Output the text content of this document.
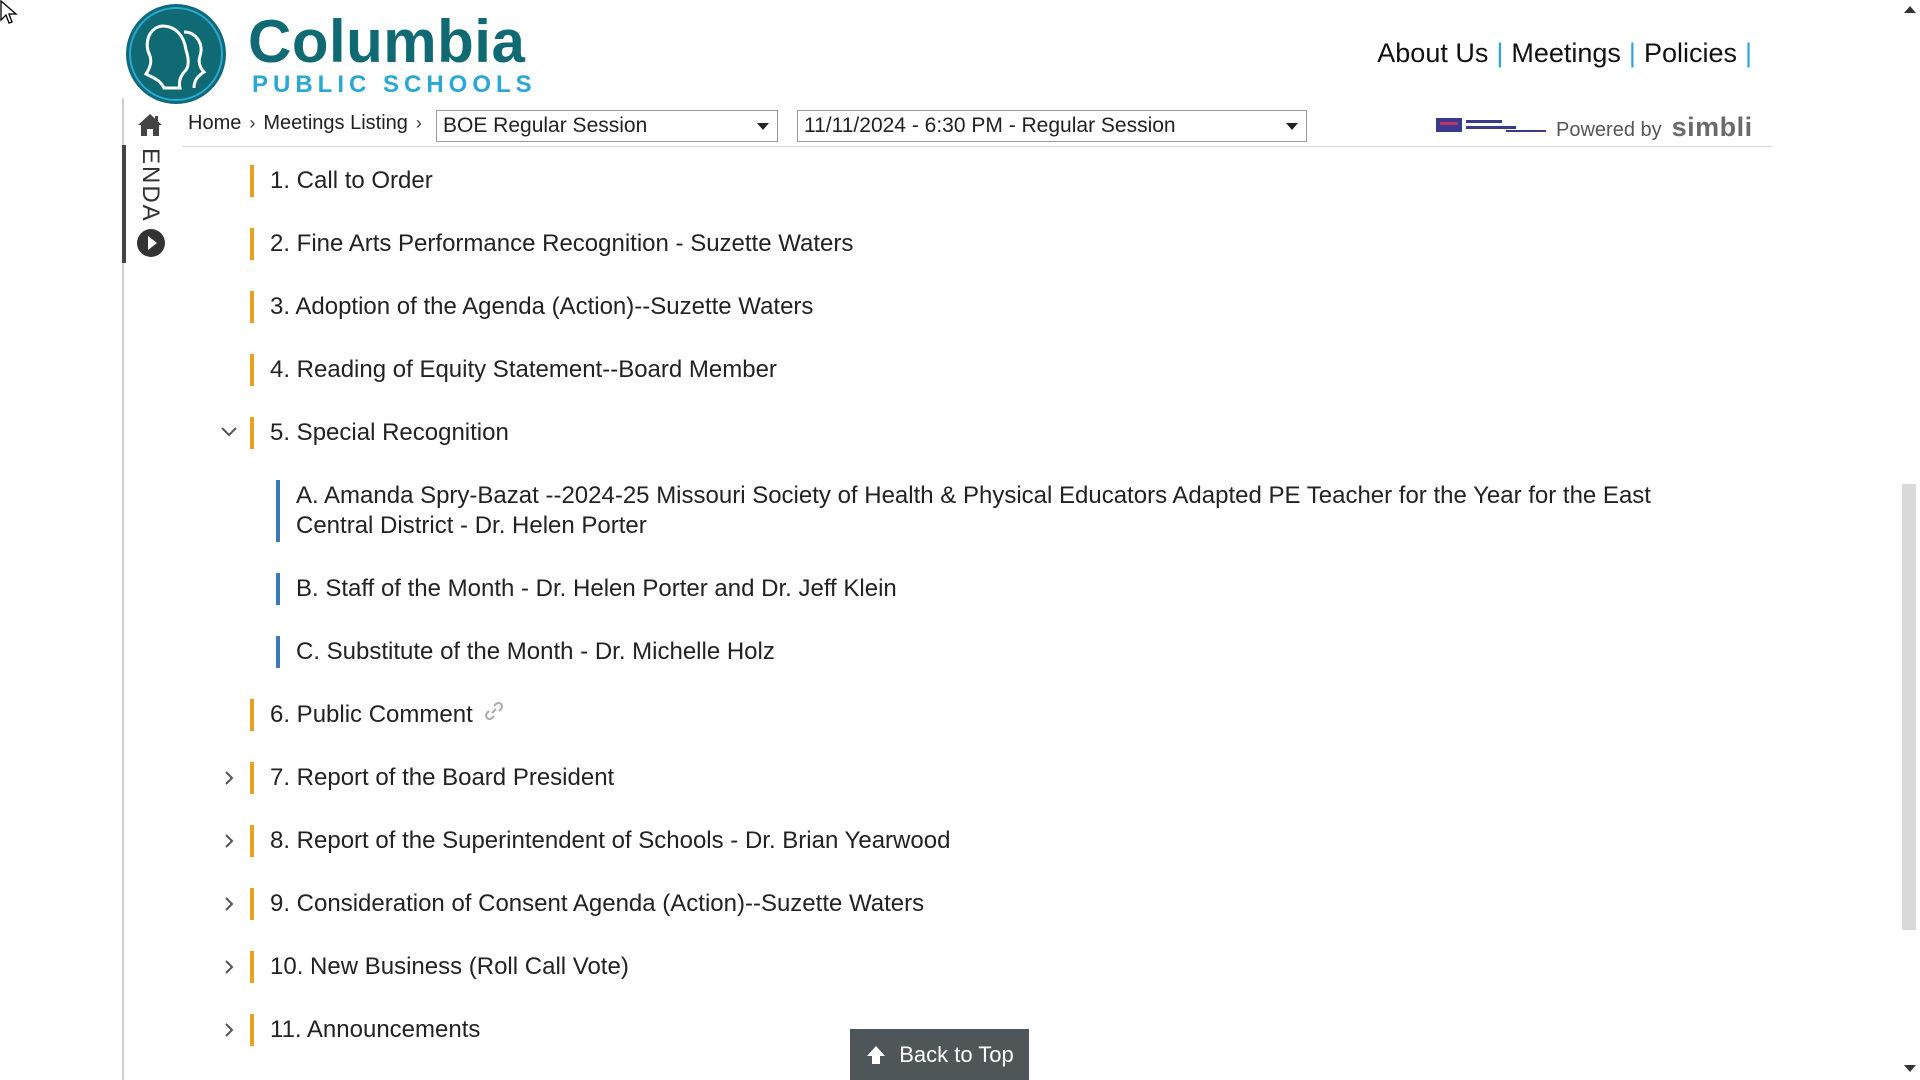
Columbia
PUBLIC SCHOOLS
About Us | Meetings | Policies |
ENDA
Home › Meetings Listing › BOE Regular Session	11/11/2024 - 6:30 PM - Regular Session	Powered by simbli
1. Call to Order
2. Fine Arts Performance Recognition - Suzette Waters
3. Adoption of the Agenda (Action)--Suzette Waters
4. Reading of Equity Statement--Board Member
5. Special Recognition
A. Amanda Spry-Bazat --2024-25 Missouri Society of Health & Physical Educators Adapted PE Teacher for the Year for the East Central District - Dr. Helen Porter
B. Staff of the Month - Dr. Helen Porter and Dr. Jeff Klein
C. Substitute of the Month - Dr. Michelle Holz
6. Public Comment
7. Report of the Board President
8. Report of the Superintendent of Schools - Dr. Brian Yearwood
9. Consideration of Consent Agenda (Action)--Suzette Waters
10. New Business (Roll Call Vote)
11. Announcements
Back to Top
